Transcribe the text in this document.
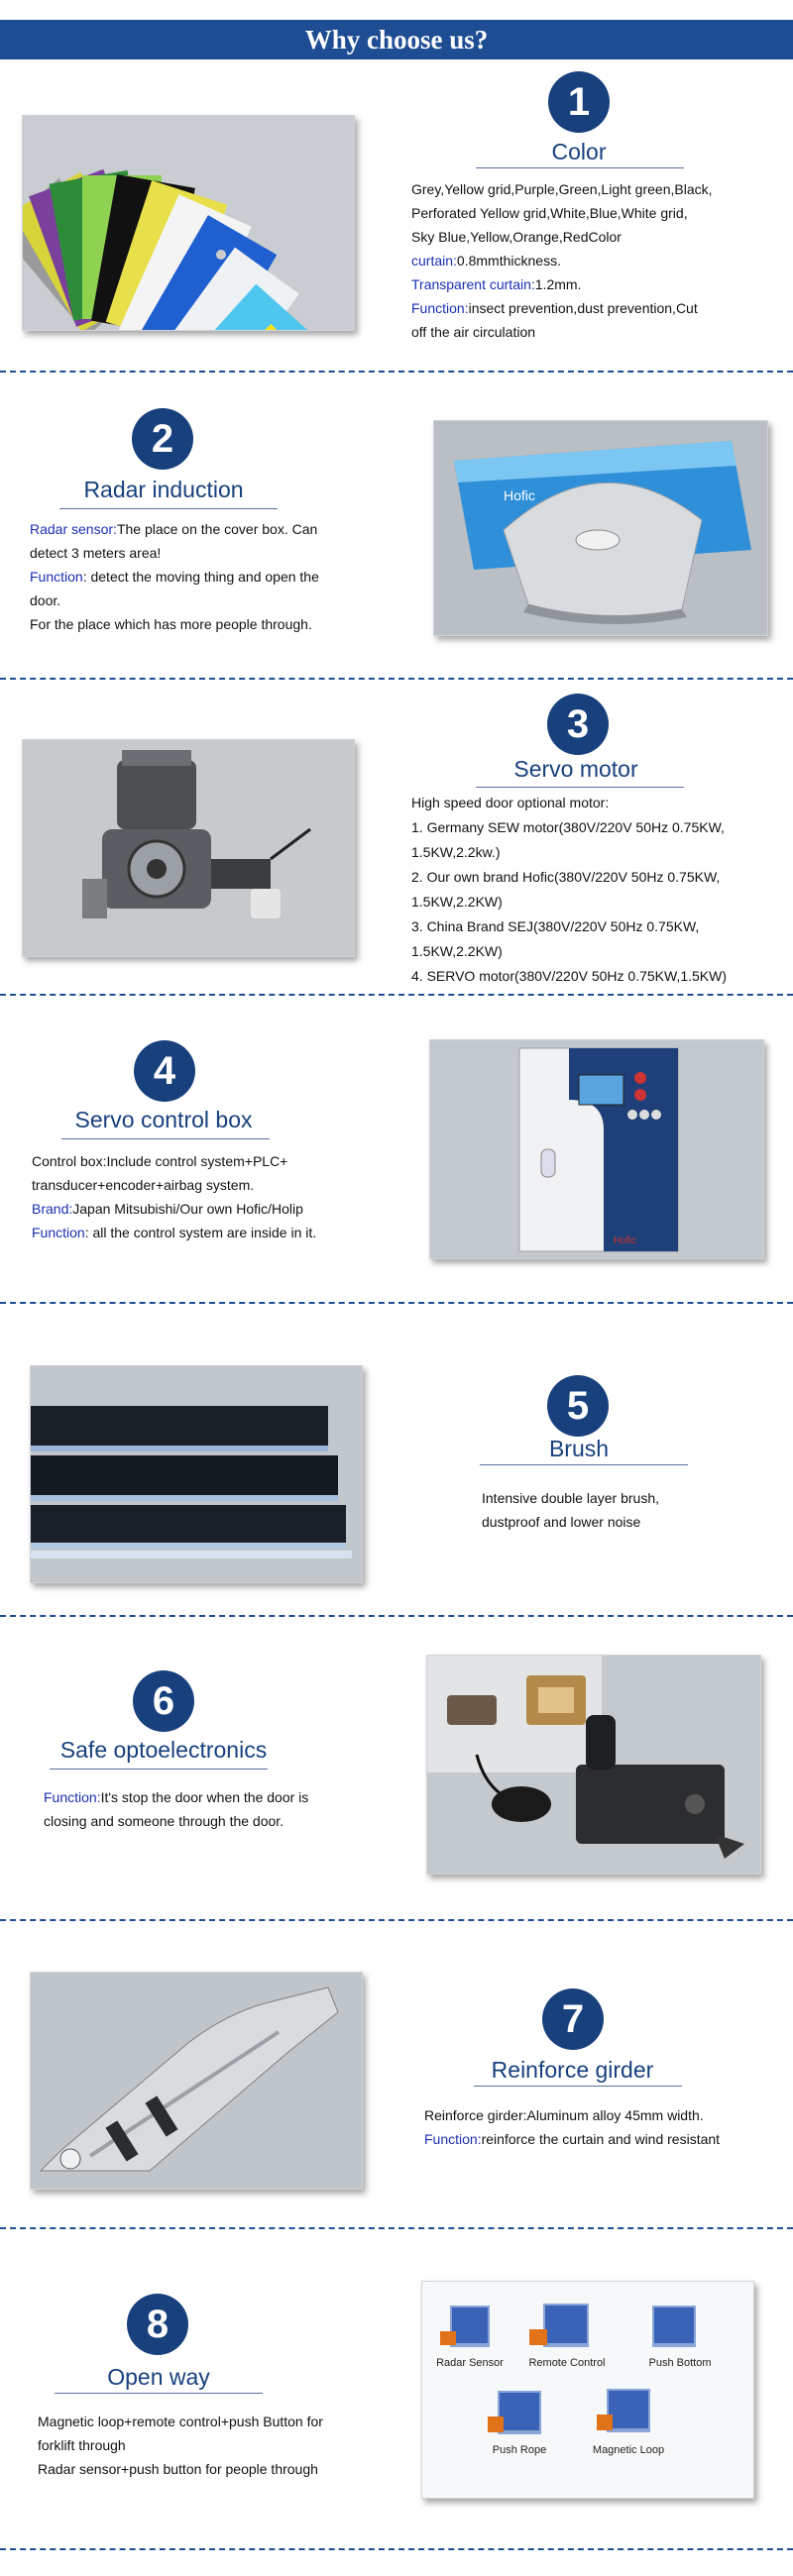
Why choose us?
1
Color
Grey,Yellow grid,Purple,Green,Light green,Black,
Perforated Yellow grid,White,Blue,White grid,
Sky Blue,Yellow,Orange,RedColor
curtain:0.8mmthickness.
Transparent curtain:1.2mm.
Function:insect prevention,dust prevention,Cut
off the air circulation
2
Radar induction
Radar sensor:The place on the cover box. Can
detect 3 meters area!
Function: detect the moving thing and open the
door.
For the place which has more people through.
Hofic
3
Servo motor
High speed door optional motor:
1. Germany SEW motor(380V/220V 50Hz 0.75KW,
1.5KW,2.2kw.)
2. Our own brand Hofic(380V/220V 50Hz 0.75KW,
1.5KW,2.2KW)
3. China Brand SEJ(380V/220V 50Hz 0.75KW,
1.5KW,2.2KW)
4. SERVO motor(380V/220V 50Hz 0.75KW,1.5KW)
4
Servo control box
Control box:Include control system+PLC+
transducer+encoder+airbag system.
Brand:Japan Mitsubishi/Our own Hofic/Holip
Function: all the control system are inside in it.
Hofic
5
Brush
Intensive double layer brush,
dustproof and lower noise
6
Safe optoelectronics
Function:It's stop the door when the door is
closing and someone through the door.
7
Reinforce girder
Reinforce girder:Aluminum alloy 45mm width.
Function:reinforce the curtain and wind resistant
8
Open way
Magnetic loop+remote control+push Button for
forklift through
Radar sensor+push button for people through
Radar Sensor	Remote Control	Push Bottom
Push Rope	Magnetic Loop
